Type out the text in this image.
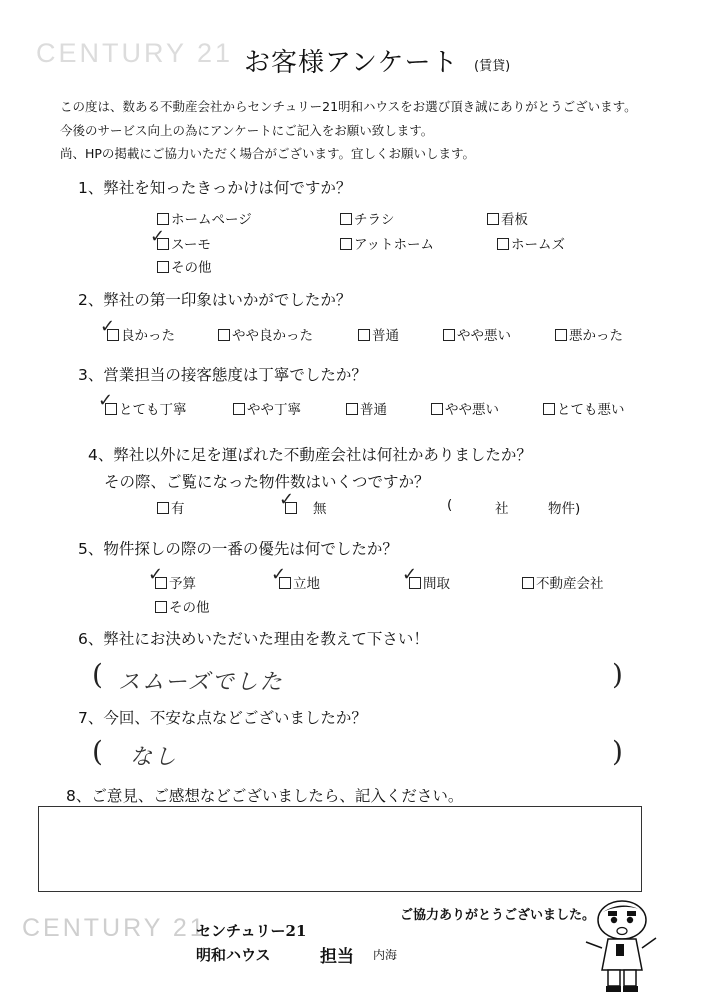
CENTURY 21 お客様アンケート (賃貸)
この度は、数ある不動産会社からセンチュリー21明和ハウスをお選び頂き誠にありがとうございます。
今後のサービス向上の為にアンケートにご記入をお願い致します。
尚、HPの掲載にご協力いただく場合がございます。宜しくお願いします。
1、弊社を知ったきっかけは何ですか？
ホームページ	チラシ	看板
スーモ
✓	アットホーム	ホームズ
その他
2、弊社の第一印象はいかがでしたか？
良かった
✓	やや良かった	普通	やや悪い	悪かった
3、営業担当の接客態度は丁寧でしたか？
とても丁寧
✓	やや丁寧	普通	やや悪い	とても悪い
4、弊社以外に足を運ばれた不動産会社は何社かありましたか？
その際、ご覧になった物件数はいくつですか？
有	無
✓	(	社	物件)
5、物件探しの際の一番の優先は何でしたか？
予算
✓	立地
✓	間取
✓	不動産会社
その他
6、弊社にお決めいただいた理由を教えて下さい！
( スムーズでした	)
7、今回、不安な点などございましたか？
( なし	)
8、ご意見、ご感想などございましたら、記入ください。
CENTURY 21
センチュリー21
明和ハウス	担当 内海
ご協力ありがとうございました。
